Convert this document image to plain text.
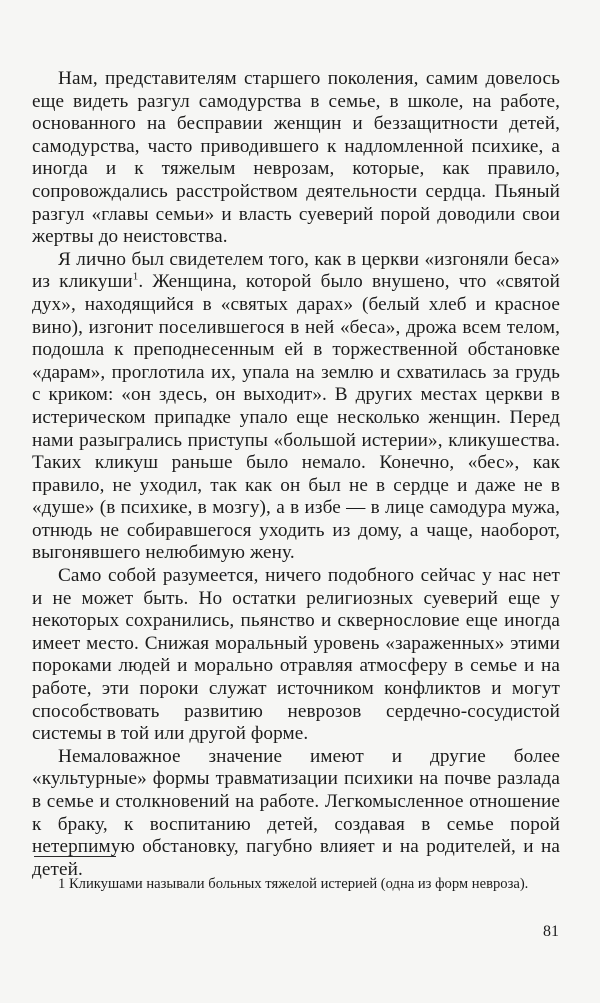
Нам, представителям старшего поколения, самим довелось еще видеть разгул самодурства в семье, в школе, на работе, основанного на бесправии женщин и беззащитности детей, самодурства, часто приводившего к надломленной психике, а иногда и к тяжелым неврозам, которые, как правило, сопровождались расстройством деятельности сердца. Пьяный разгул «главы семьи» и власть суеверий порой доводили свои жертвы до неистовства.

Я лично был свидетелем того, как в церкви «изгоняли беса» из кликуши$^1$. Женщина, которой было внушено, что «святой дух», находящийся в «святых дарах» (белый хлеб и красное вино), изгонит поселившегося в ней «беса», дрожа всем телом, подошла к преподнесенным ей в торжественной обстановке «дарам», проглотила их, упала на землю и схватилась за грудь с криком: «он здесь, он выходит». В других местах церкви в истерическом припадке упало еще несколько женщин. Перед нами разыгрались приступы «большой истерии», кликушества. Таких кликуш раньше было немало. Конечно, «бес», как правило, не уходил, так как он был не в сердце и даже не в «душе» (в психике, в мозгу), а в избе — в лице самодура мужа, отнюдь не собиравшегося уходить из дому, а чаще, наоборот, выгонявшего нелюбимую жену.

Само собой разумеется, ничего подобного сейчас у нас нет и не может быть. Но остатки религиозных суеверий еще у некоторых сохранились, пьянство и сквернословие еще иногда имеет место. Снижая моральный уровень «зараженных» этими пороками людей и морально отравляя атмосферу в семье и на работе, эти пороки служат источником конфликтов и могут способствовать развитию неврозов сердечно-сосудистой системы в той или другой форме.

Немаловажное значение имеют и другие более «культурные» формы травматизации психики на почве разлада в семье и столкновений на работе. Легкомысленное отношение к браку, к воспитанию детей, создавая в семье порой нетерпимую обстановку, пагубно влияет и на родителей, и на детей.

1 Кликушами называли больных тяжелой истерией (одна из форм невроза).

81
